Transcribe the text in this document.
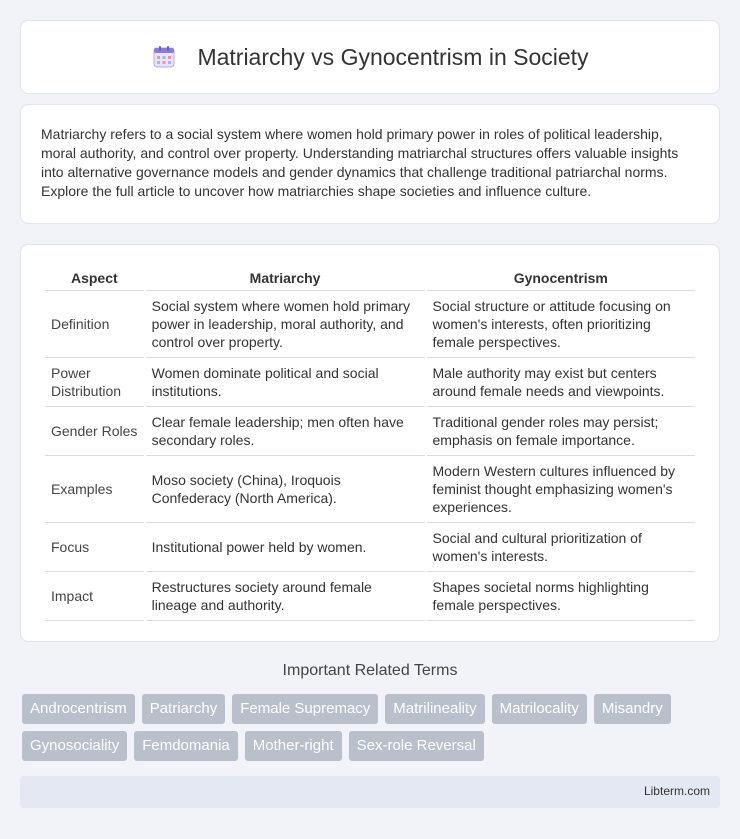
Matriarchy vs Gynocentrism in Society

Matriarchy refers to a social system where women hold primary power in roles of political leadership, moral authority, and control over property. Understanding matriarchal structures offers valuable insights into alternative governance models and gender dynamics that challenge traditional patriarchal norms. Explore the full article to uncover how matriarchies shape societies and influence culture.

Aspect	Matriarchy	Gynocentrism
Definition	Social system where women hold primary power in leadership, moral authority, and control over property.	Social structure or attitude focusing on women's interests, often prioritizing female perspectives.
Power Distribution	Women dominate political and social institutions.	Male authority may exist but centers around female needs and viewpoints.
Gender Roles	Clear female leadership; men often have secondary roles.	Traditional gender roles may persist; emphasis on female importance.
Examples	Moso society (China), Iroquois Confederacy (North America).	Modern Western cultures influenced by feminist thought emphasizing women's experiences.
Focus	Institutional power held by women.	Social and cultural prioritization of women's interests.
Impact	Restructures society around female lineage and authority.	Shapes societal norms highlighting female perspectives.
Important Related Terms
Androcentrism	Patriarchy	Female Supremacy	Matrilineality	Matrilocality	Misandry
Gynosociality	Femdomania	Mother-right	Sex-role Reversal
Libterm.com
